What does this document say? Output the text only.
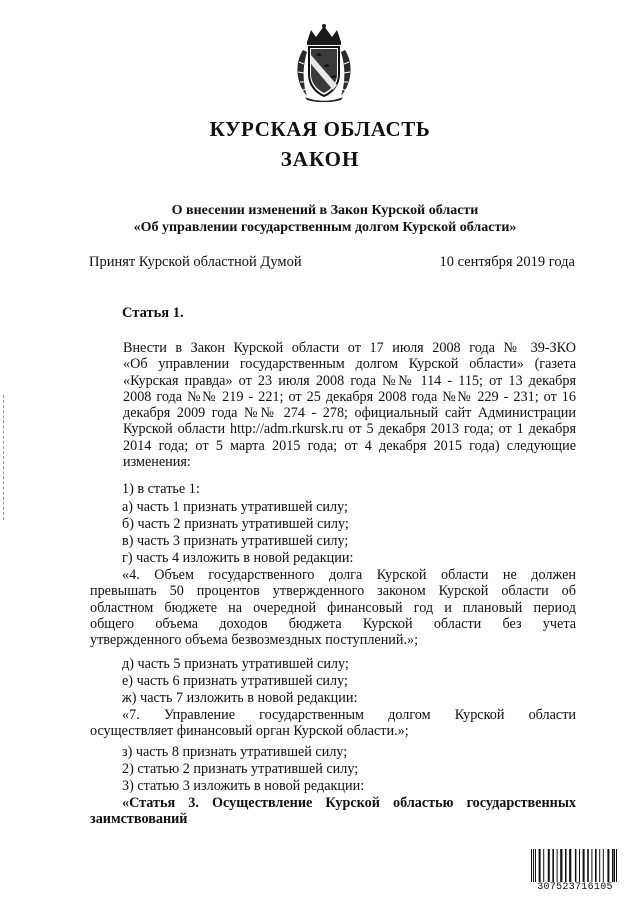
КУРСКАЯ ОБЛАСТЬ
ЗАКОН

О внесении изменений в Закон Курской области

«Об управлении государственным долгом Курской области»

Принят Курской областной Думой	10 сентября 2019 года

Статья 1.

Внести в Закон Курской области от 17 июля 2008 года № 39-ЗКО
«Об управлении государственным долгом Курской области» (газета
«Курская правда» от 23 июля 2008 года №№ 114 - 115; от 13 декабря
2008 года №№ 219 - 221; от 25 декабря 2008 года №№ 229 - 231; от 16
декабря 2009 года №№ 274 - 278; официальный сайт Администрации
Курской области http://adm.rkursk.ru от 5 декабря 2013 года; от 1 декабря
2014 года; от 5 марта 2015 года; от 4 декабря 2015 года) следующие
изменения:

1) в статье 1:

а) часть 1 признать утратившей силу;

б) часть 2 признать утратившей силу;

в) часть 3 признать утратившей силу;

г) часть 4 изложить в новой редакции:

«4. Объем государственного долга Курской области не должен
превышать 50 процентов утвержденного законом Курской области об
областном бюджете на очередной финансовый год и плановый период
общего объема доходов бюджета Курской области без учета
утвержденного объема безвозмездных поступлений.»;

д) часть 5 признать утратившей силу;

е) часть 6 признать утратившей силу;

ж) часть 7 изложить в новой редакции:

«7. Управление государственным долгом Курской области
осуществляет финансовый орган Курской области.»;

з) часть 8 признать утратившей силу;

2) статью 2 признать утратившей силу;

3) статью 3 изложить в новой редакции:

«Статья 3. Осуществление Курской областью государственных
заимствований
307523716105
